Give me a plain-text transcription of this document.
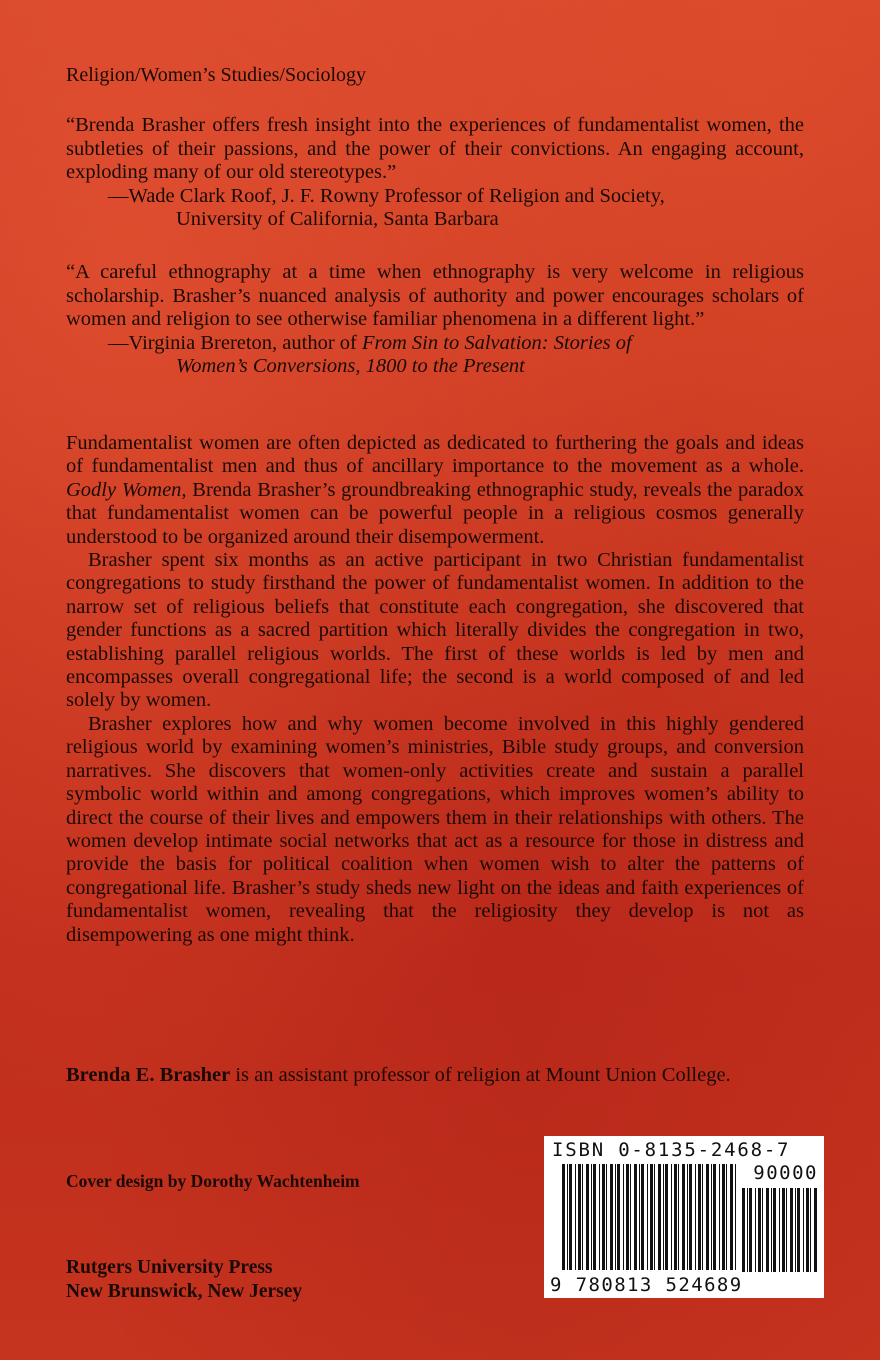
Religion/Women’s Studies/Sociology
“Brenda Brasher offers fresh insight into the experiences of fundamentalist women, the subtleties of their passions, and the power of their convictions. An engaging account, exploding many of our old stereotypes.”
—Wade Clark Roof, J. F. Rowny Professor of Religion and Society,
University of California, Santa Barbara
“A careful ethnography at a time when ethnography is very welcome in religious scholarship. Brasher’s nuanced analysis of authority and power encourages scholars of women and religion to see otherwise familiar phenomena in a different light.”
—Virginia Brereton, author of From Sin to Salvation: Stories of
Women’s Conversions, 1800 to the Present

Fundamentalist women are often depicted as dedicated to furthering the goals and ideas of fundamentalist men and thus of ancillary importance to the movement as a whole. Godly Women, Brenda Brasher’s groundbreaking ethnographic study, reveals the paradox that fundamentalist women can be powerful people in a religious cosmos generally understood to be organized around their disempowerment.

Brasher spent six months as an active participant in two Christian fundamentalist congregations to study firsthand the power of fundamentalist women. In addition to the narrow set of religious beliefs that constitute each congregation, she discovered that gender functions as a sacred partition which literally divides the congregation in two, establishing parallel religious worlds. The first of these worlds is led by men and encompasses overall congregational life; the second is a world composed of and led solely by women.

Brasher explores how and why women become involved in this highly gendered religious world by examining women’s ministries, Bible study groups, and conversion narratives. She discovers that women-only activities create and sustain a parallel symbolic world within and among congregations, which improves women’s ability to direct the course of their lives and empowers them in their relationships with others. The women develop intimate social networks that act as a resource for those in distress and provide the basis for political coalition when women wish to alter the patterns of congregational life. Brasher’s study sheds new light on the ideas and faith experiences of fundamentalist women, revealing that the religiosity they develop is not as disempowering as one might think.

Brenda E. Brasher is an assistant professor of religion at Mount Union College.
Cover design by Dorothy Wachtenheim
Rutgers University Press
New Brunswick, New Jersey
ISBN 0-8135-2468-7
90000
9 780813 524689
